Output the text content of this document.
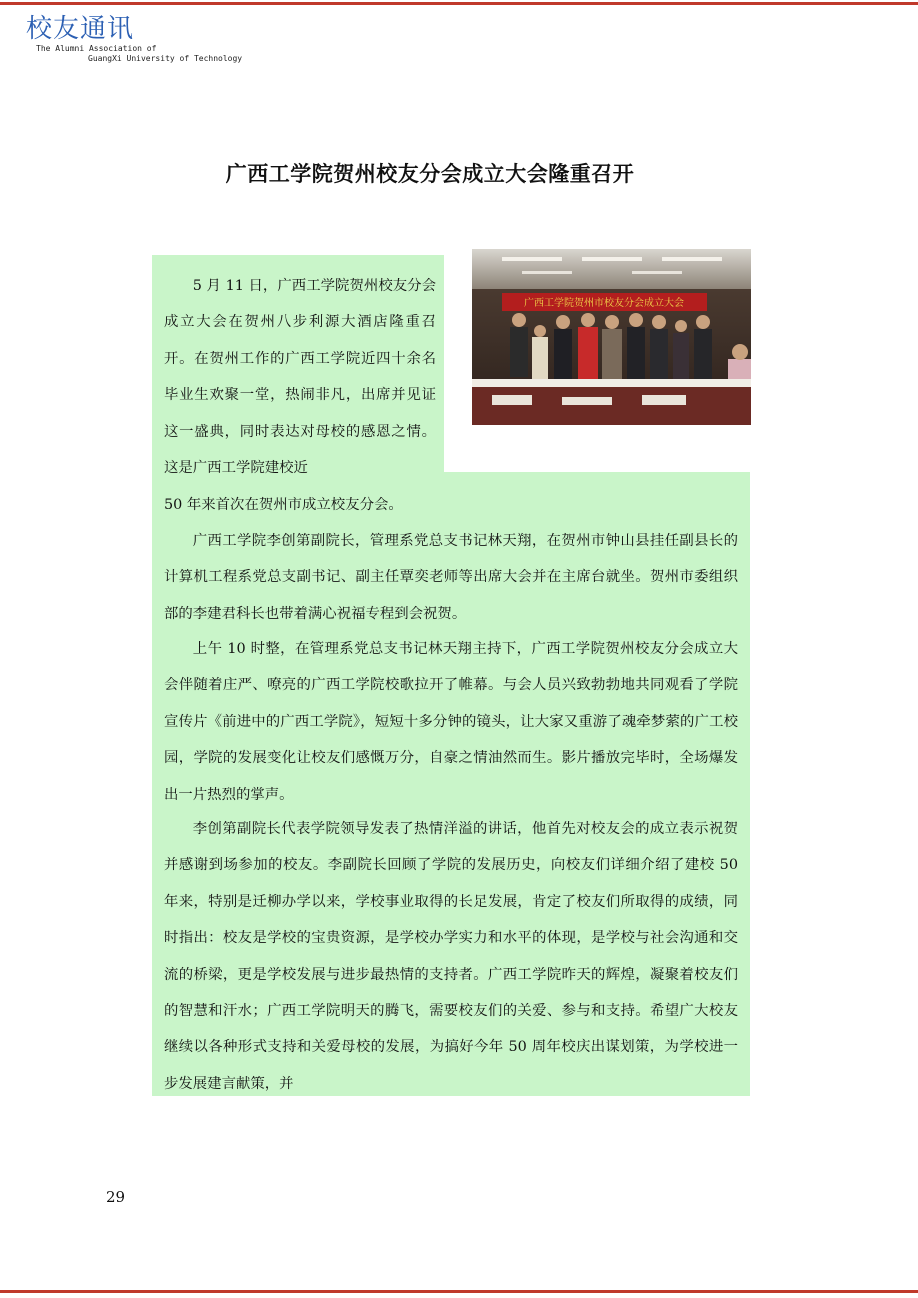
校友通讯
The Alumni Association of
GuangXi University of Technology
广西工学院贺州校友分会成立大会隆重召开
5 月 11 日，广西工学院贺州校友分会成立大会在贺州八步利源大酒店隆重召开。在贺州工作的广西工学院近四十余名毕业生欢聚一堂，热闹非凡，出席并见证这一盛典，同时表达对母校的感恩之情。这是广西工学院建校近
50 年来首次在贺州市成立校友分会。
广西工学院李创第副院长，管理系党总支书记林天翔，在贺州市钟山县挂任副县长的计算机工程系党总支副书记、副主任覃奕老师等出席大会并在主席台就坐。贺州市委组织部的李建君科长也带着满心祝福专程到会祝贺。
上午 10 时整，在管理系党总支书记林天翔主持下，广西工学院贺州校友分会成立大会伴随着庄严、嘹亮的广西工学院校歌拉开了帷幕。与会人员兴致勃勃地共同观看了学院宣传片《前进中的广西工学院》，短短十多分钟的镜头，让大家又重游了魂牵梦萦的广工校园，学院的发展变化让校友们感慨万分，自豪之情油然而生。影片播放完毕时，全场爆发出一片热烈的掌声。
李创第副院长代表学院领导发表了热情洋溢的讲话，他首先对校友会的成立表示祝贺并感谢到场参加的校友。李副院长回顾了学院的发展历史，向校友们详细介绍了建校 50 年来，特别是迁柳办学以来，学校事业取得的长足发展，肯定了校友们所取得的成绩，同时指出：校友是学校的宝贵资源，是学校办学实力和水平的体现，是学校与社会沟通和交流的桥梁，更是学校发展与进步最热情的支持者。广西工学院昨天的辉煌，凝聚着校友们的智慧和汗水；广西工学院明天的腾飞，需要校友们的关爱、参与和支持。希望广大校友继续以各种形式支持和关爱母校的发展，为搞好今年 50 周年校庆出谋划策，为学校进一步发展建言献策，并
广西工学院贺州市校友分会成立大会
29
